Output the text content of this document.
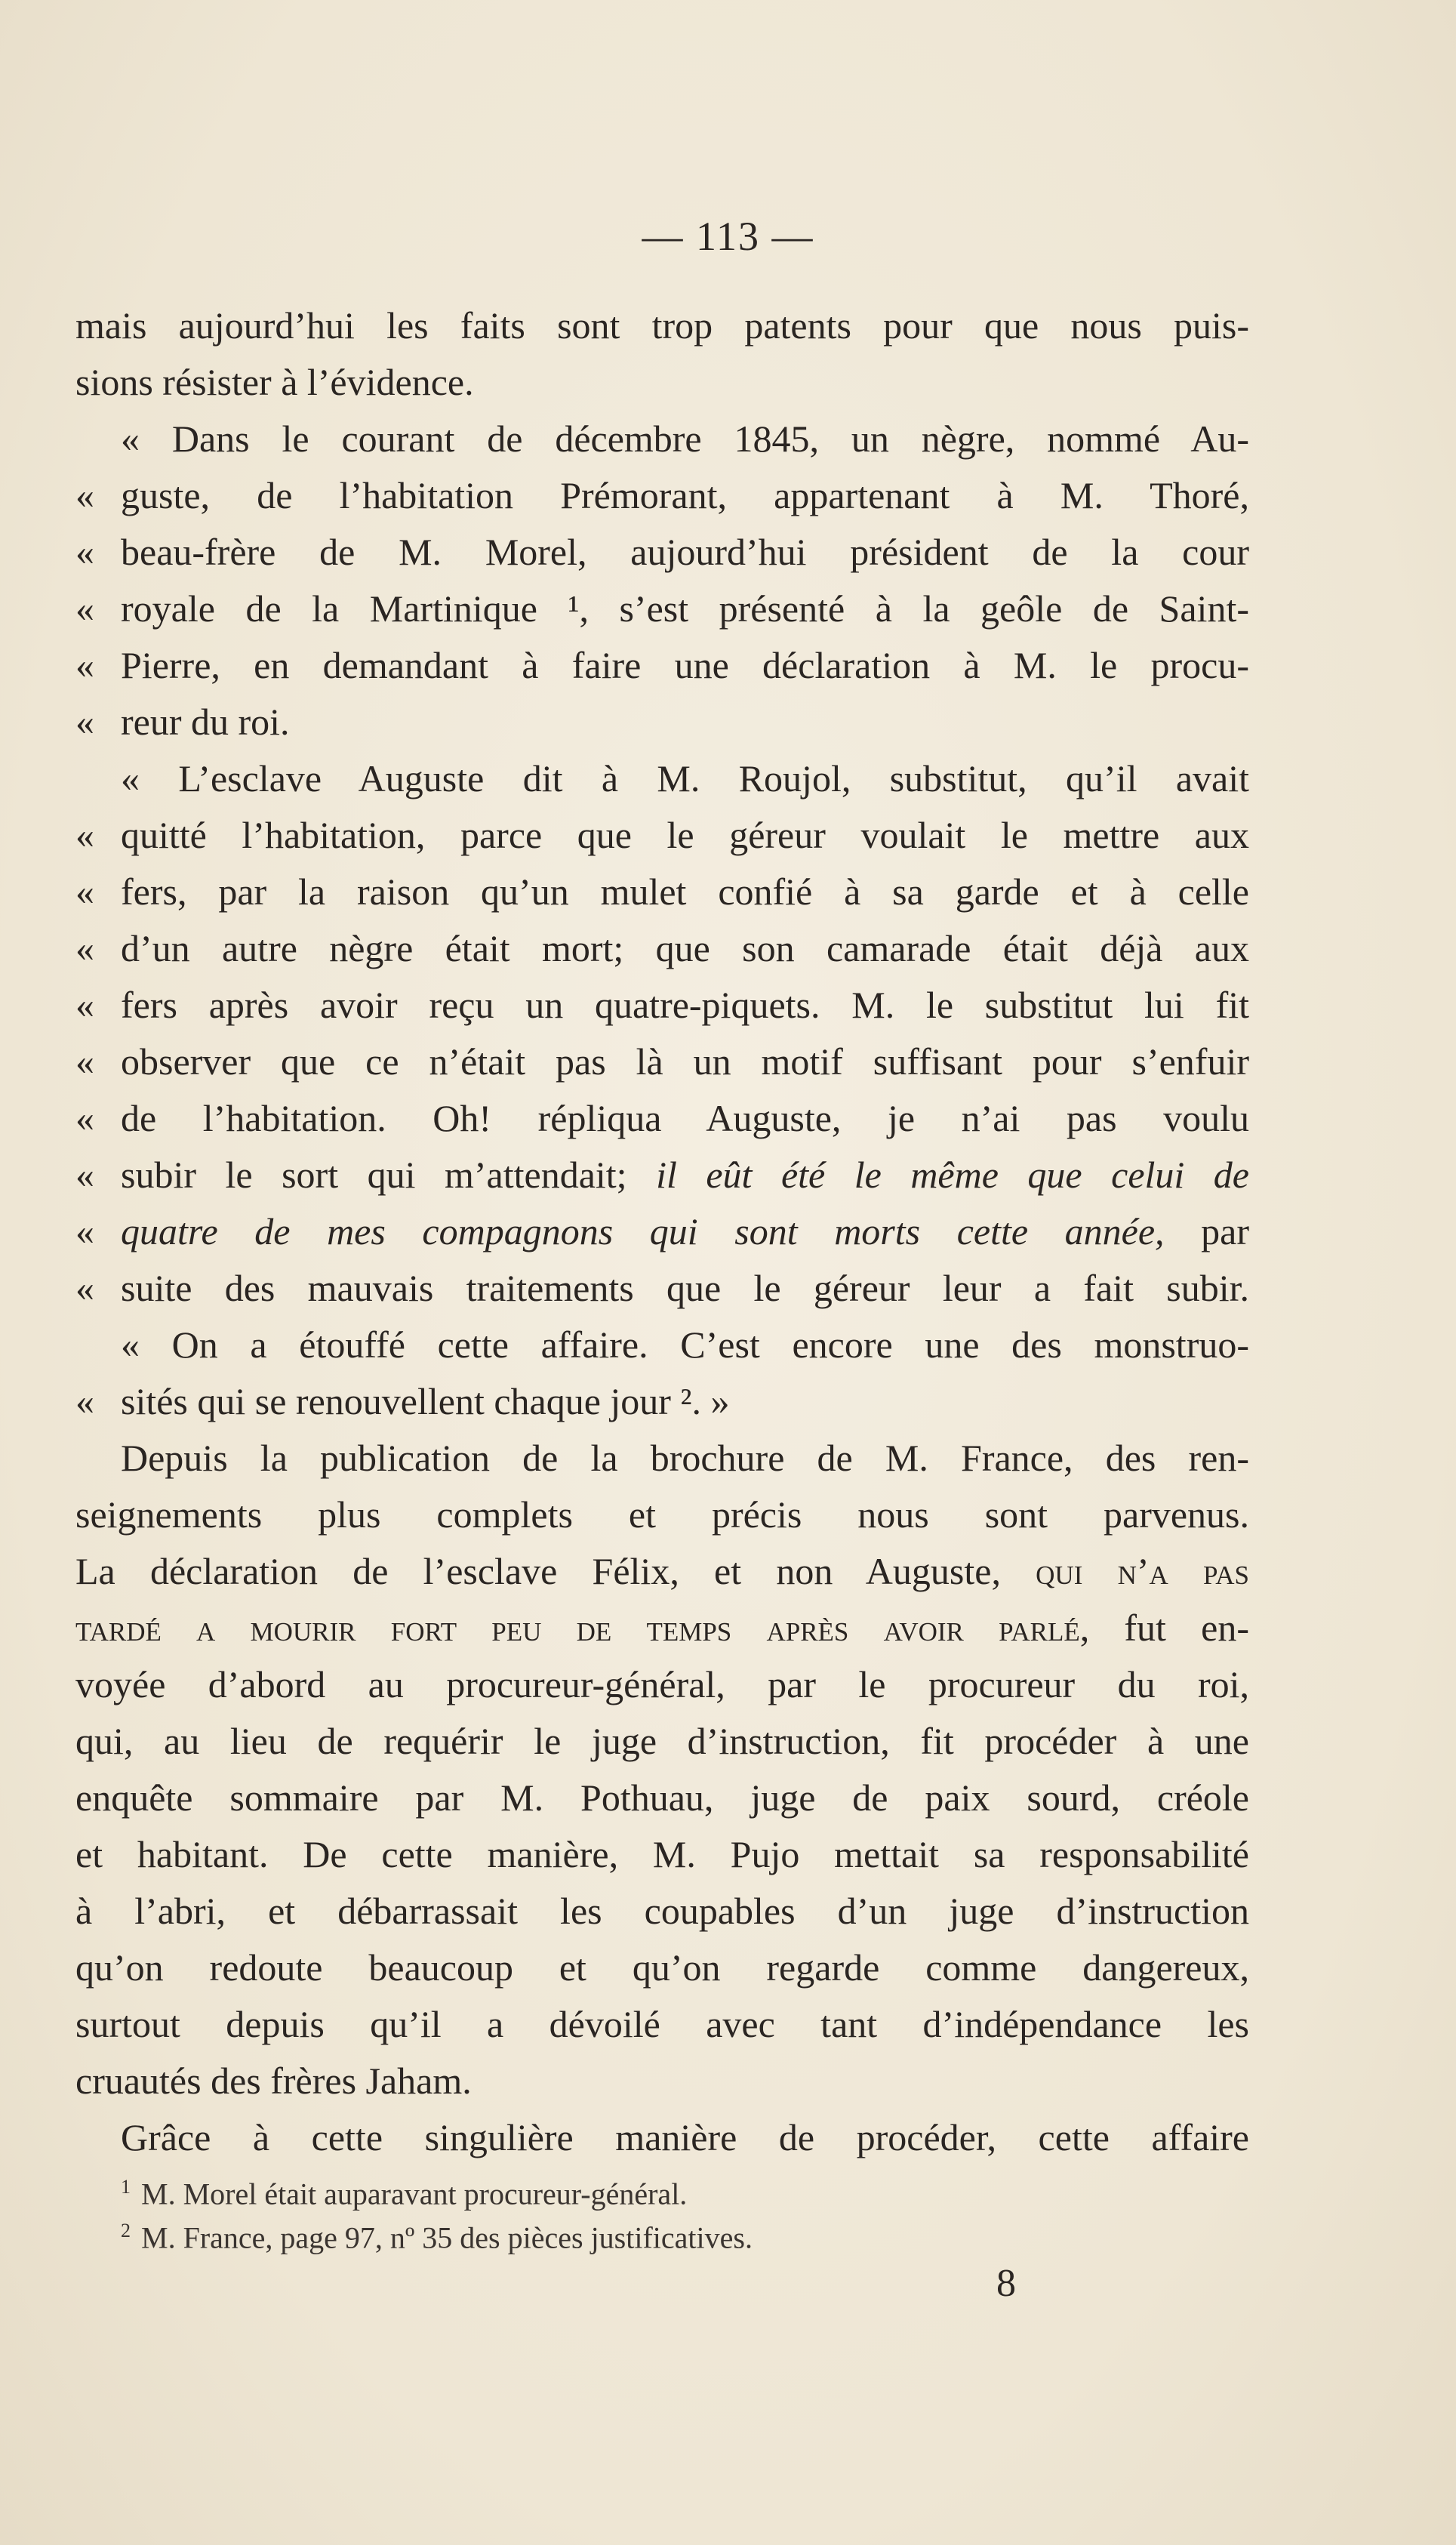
— 113 —
mais aujourd’hui les faits sont trop patents pour que nous puis-
sions résister à l’évidence.
« Dans le courant de décembre 1845, un nègre, nommé Au-
« guste, de l’habitation Prémorant, appartenant à M. Thoré,
« beau-frère de M. Morel, aujourd’hui président de la cour
« royale de la Martinique ¹, s’est présenté à la geôle de Saint-
« Pierre, en demandant à faire une déclaration à M. le procu-
« reur du roi.
« L’esclave Auguste dit à M. Roujol, substitut, qu’il avait
« quitté l’habitation, parce que le géreur voulait le mettre aux
« fers, par la raison qu’un mulet confié à sa garde et à celle
« d’un autre nègre était mort; que son camarade était déjà aux
« fers après avoir reçu un quatre-piquets. M. le substitut lui fit
« observer que ce n’était pas là un motif suffisant pour s’enfuir
« de l’habitation. Oh! répliqua Auguste, je n’ai pas voulu
« subir le sort qui m’attendait; il eût été le même que celui de
« quatre de mes compagnons qui sont morts cette année, par
« suite des mauvais traitements que le géreur leur a fait subir.
« On a étouffé cette affaire. C’est encore une des monstruo-
« sités qui se renouvellent chaque jour ². »
Depuis la publication de la brochure de M. France, des ren-
seignements plus complets et précis nous sont parvenus.
La déclaration de l’esclave Félix, et non Auguste, qui n’a pas
tardé a mourir fort peu de temps après avoir parlé, fut en-
voyée d’abord au procureur-général, par le procureur du roi,
qui, au lieu de requérir le juge d’instruction, fit procéder à une
enquête sommaire par M. Pothuau, juge de paix sourd, créole
et habitant. De cette manière, M. Pujo mettait sa responsabilité
à l’abri, et débarrassait les coupables d’un juge d’instruction
qu’on redoute beaucoup et qu’on regarde comme dangereux,
surtout depuis qu’il a dévoilé avec tant d’indépendance les
cruautés des frères Jaham.
Grâce à cette singulière manière de procéder, cette affaire
$^1$ M. Morel était auparavant procureur-général.
$^2$ M. France, page 97, nº 35 des pièces justificatives.
8
